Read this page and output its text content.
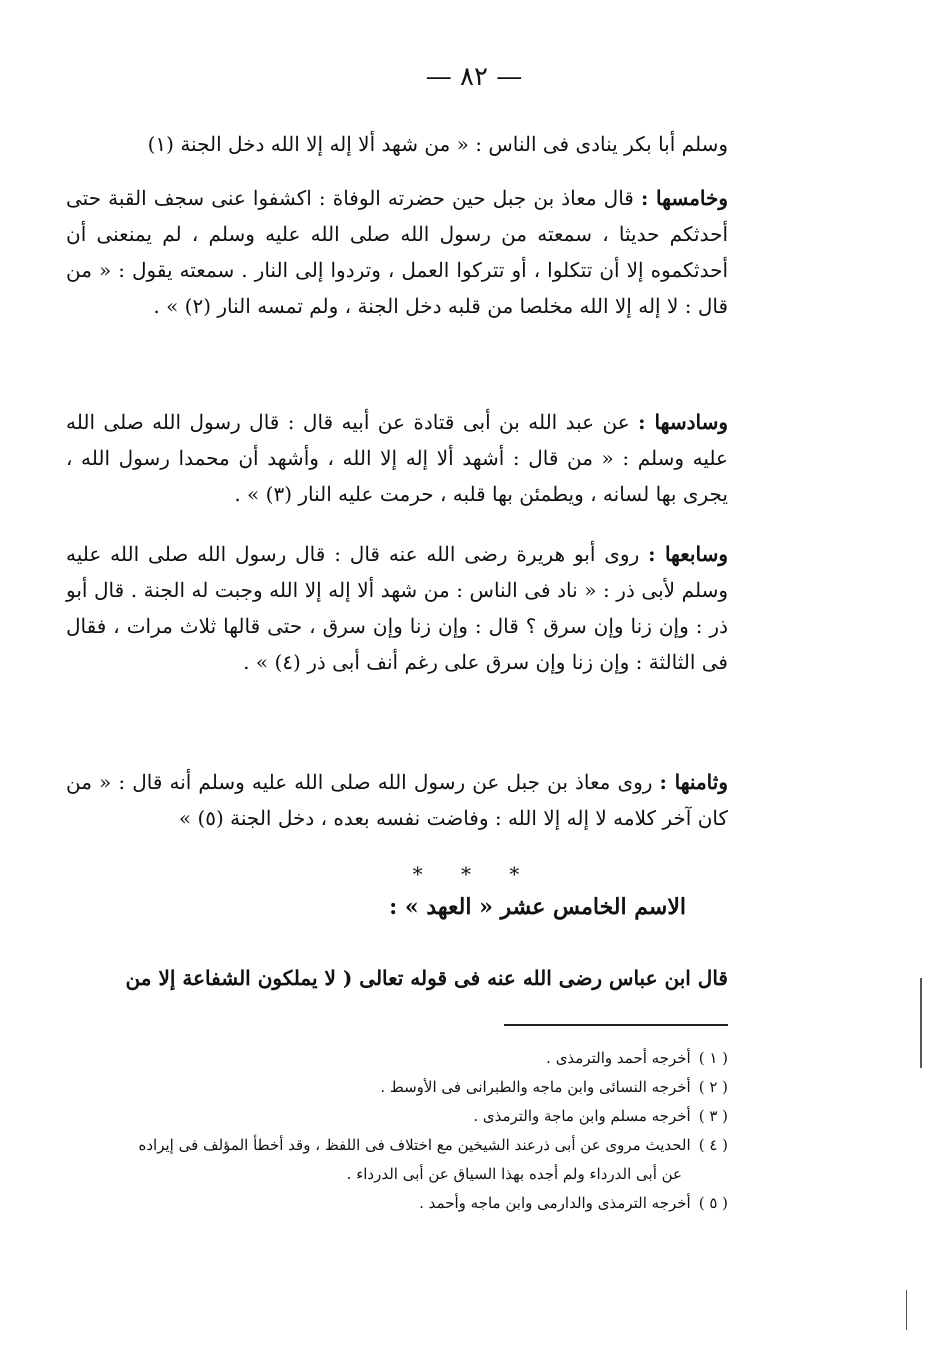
— ٨٢ —

وسلم أبا بكر ينادى فى الناس : « من شهد ألا إله إلا الله دخل الجنة (١)

وخامسها : قال معاذ بن جبل حين حضرته الوفاة : اكشفوا عنى سجف القبة حتى أحدثكم حديثا ، سمعته من رسول الله صلى الله عليه وسلم ، لم يمنعنى أن أحدثكموه إلا أن تتكلوا ، أو تتركوا العمل ، وتردوا إلى النار . سمعته يقول : « من قال : لا إله إلا الله مخلصا من قلبه دخل الجنة ، ولم تمسه النار (٢) » .

وسادسها : عن عبد الله بن أبى قتادة عن أبيه قال : قال رسول الله صلى الله عليه وسلم : « من قال : أشهد ألا إله إلا الله ، وأشهد أن محمدا رسول الله ، يجرى بها لسانه ، ويطمئن بها قلبه ، حرمت عليه النار (٣) » .

وسابعها : روى أبو هريرة رضى الله عنه قال : قال رسول الله صلى الله عليه وسلم لأبى ذر : « ناد فى الناس : من شهد ألا إله إلا الله وجبت له الجنة . قال أبو ذر : وإن زنا وإن سرق ؟ قال : وإن زنا وإن سرق ، حتى قالها ثلاث مرات ، فقال فى الثالثة : وإن زنا وإن سرق على رغم أنف أبى ذر (٤) » .

وثامنها : روى معاذ بن جبل عن رسول الله صلى الله عليه وسلم أنه قال : « من كان آخر كلامه لا إله إلا الله : وفاضت نفسه بعده ، دخل الجنة (٥) »

* * *
الاسم الخامس عشر « العهد » :
قال ابن عباس رضى الله عنه فى قوله تعالى ( لا يملكون الشفاعة إلا من

( ١ )أخرجه أحمد والترمذى .

( ٢ )أخرجه النسائى وابن ماجه والطبرانى فى الأوسط .

( ٣ )أخرجه مسلم وابن ماجة والترمذى .

( ٤ )الحديث مروى عن أبى ذرعند الشيخين مع اختلاف فى اللفظ ، وقد أخطأ المؤلف فى إيراده

عن أبى الدرداء ولم أجده بهذا السياق عن أبى الدرداء .

( ٥ )أخرجه الترمذى والدارمى وابن ماجه وأحمد .
